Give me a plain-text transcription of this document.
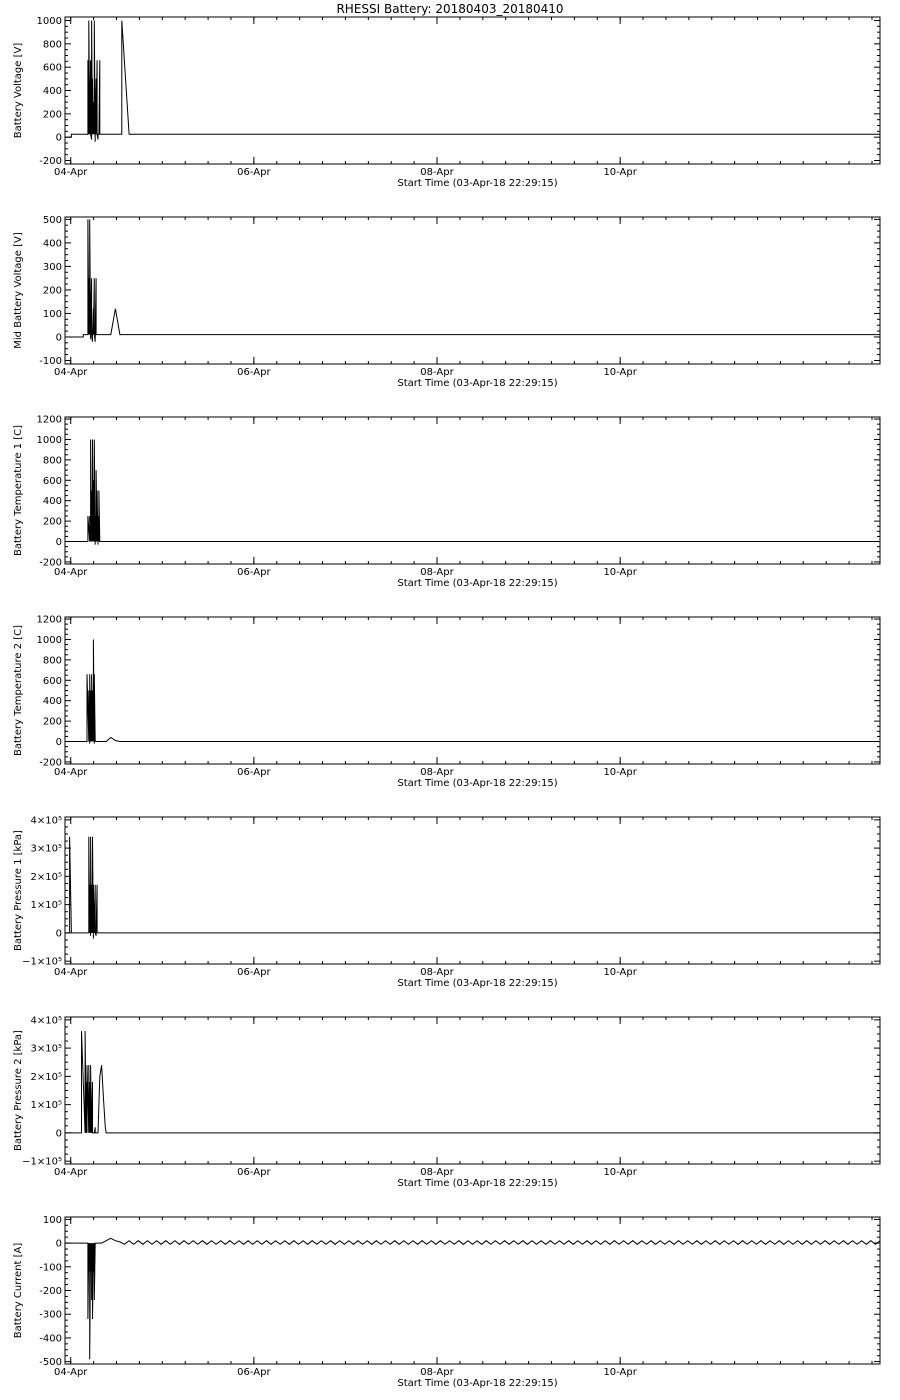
RHESSI Battery: 20180403_20180410
1000
800
600
400
200
0
-200
04-Apr	06-Apr	08-Apr	10-Apr
Start Time (03-Apr-18 22:29:15)
Battery Voltage [V]
500
400
300
200
100
0
-100
04-Apr	06-Apr	08-Apr	10-Apr
Start Time (03-Apr-18 22:29:15)
Mid Battery Voltage [V]
1200
1000
800
600
400
200
0
-200
04-Apr	06-Apr	08-Apr	10-Apr
Start Time (03-Apr-18 22:29:15)
Battery Temperature 1 [C]
1200
1000
800
600
400
200
0
-200
04-Apr	06-Apr	08-Apr	10-Apr
Start Time (03-Apr-18 22:29:15)
Battery Temperature 2 [C]
4×10⁵
3×10⁵
2×10⁵
1×10⁵
0
−1×10⁵
04-Apr	06-Apr	08-Apr	10-Apr
Start Time (03-Apr-18 22:29:15)
Battery Pressure 1 [kPa]
4×10⁵
3×10⁵
2×10⁵
1×10⁵
0
−1×10⁵
04-Apr	06-Apr	08-Apr	10-Apr
Start Time (03-Apr-18 22:29:15)
Battery Pressure 2 [kPa]
100
0
-100
-200
-300
-400
-500
04-Apr	06-Apr	08-Apr	10-Apr
Start Time (03-Apr-18 22:29:15)
Battery Current [A]
